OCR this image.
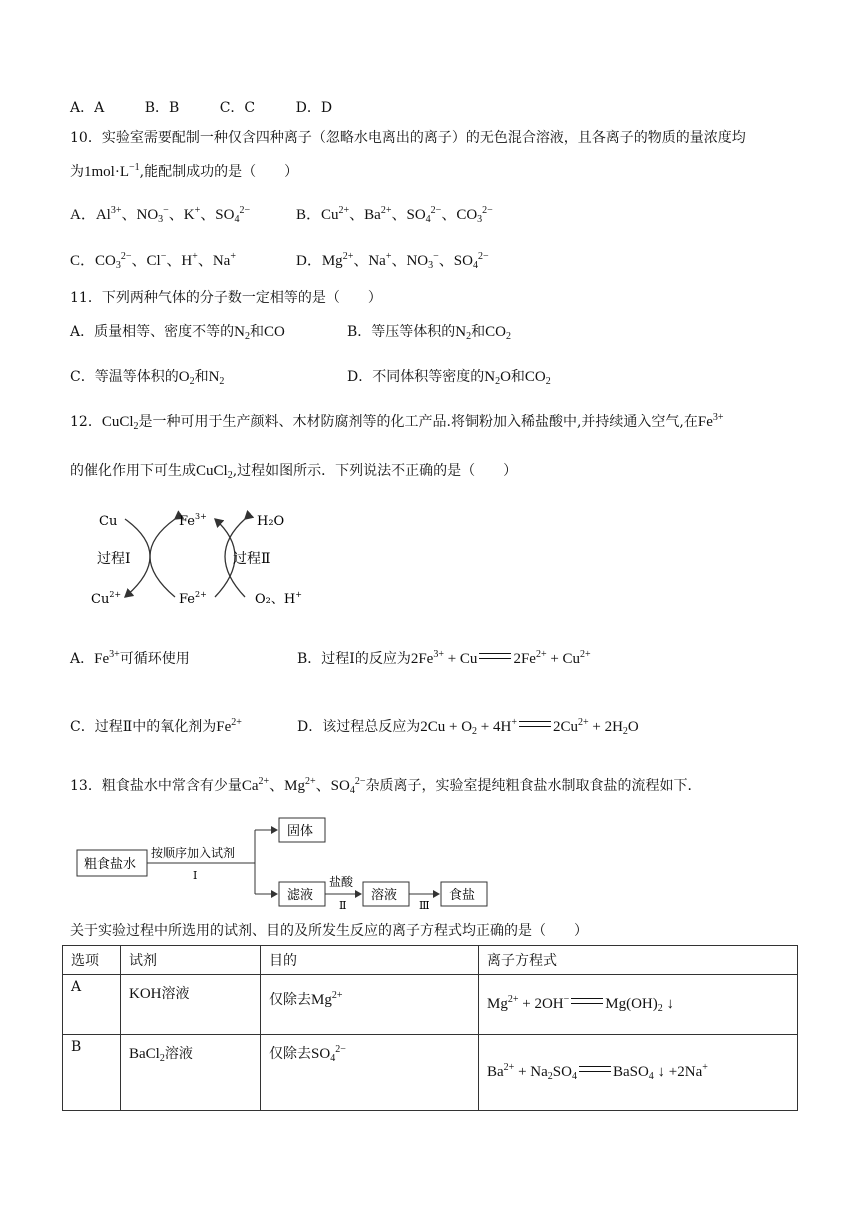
A．A	B．B	C．C	D．D
10．实验室需要配制一种仅含四种离子（忽略水电离出的离子）的无色混合溶液，且各离子的物质的量浓度均
为$1mol\cdot L^{-1}$,能配制成功的是（　　）
A．$Al^{3+}$、$NO_3^-$、K+、$SO_4^{2-}$	B．$Cu^{2+}$、$Ba^{2+}$、$SO_4^{2-}$、$CO_3^{2-}$
C．$CO_3^{2-}$、Cl−、H+、Na+	D．$Mg^{2+}$、Na+、$NO_3^-$、$SO_4^{2-}$
11．下列两种气体的分子数一定相等的是（　　）
A．质量相等、密度不等的$N_2$和CO	B．等压等体积的$N_2$和$CO_2$
C．等温等体积的$O_2$和$N_2$	D．不同体积等密度的$N_2O$和$CO_2$
12．CuCl$_2$是一种可用于生产颜料、木材防腐剂等的化工产品.将铜粉加入稀盐酸中,并持续通入空气,在$Fe^{3+}$
的催化作用下可生成CuCl$_2$,过程如图所示．下列说法不正确的是（　　）
Cu
$Cu^{2+}$
$Fe^{3+}$
$Fe^{2+}$
H₂O
O₂、H+
过程Ⅰ	过程Ⅱ
A．$Fe^{3+}$可循环使用	B．过程Ⅰ的反应为$2Fe^{3+} + Cu$ $2Fe^{2+} + Cu^{2+}$
C．过程Ⅱ中的氧化剂为$Fe^{2+}$	D．该过程总反应为$2Cu + O_2 + 4H^+$ $2Cu^{2+} + 2H_2O$
13．粗食盐水中常含有少量$Ca^{2+}$、$Mg^{2+}$、$SO_4^{2-}$杂质离子，实验室提纯粗食盐水制取食盐的流程如下．
粗食盐水
按顺序加入试剂
Ⅰ
固体
滤液
盐酸
Ⅱ
溶液
Ⅲ
食盐
关于实验过程中所选用的试剂、目的及所发生反应的离子方程式均正确的是（　　）
选项	试剂	目的	离子方程式
A	KOH溶液	仅除去$Mg^{2+}$	$Mg^{2+} + 2OH^-$ $Mg(OH)_2$ ↓
B	BaCl$_2$溶液	仅除去$SO_4^{2-}$	$Ba^{2+} + Na_2SO_4$ BaSO$_4$ ↓ +2Na+
